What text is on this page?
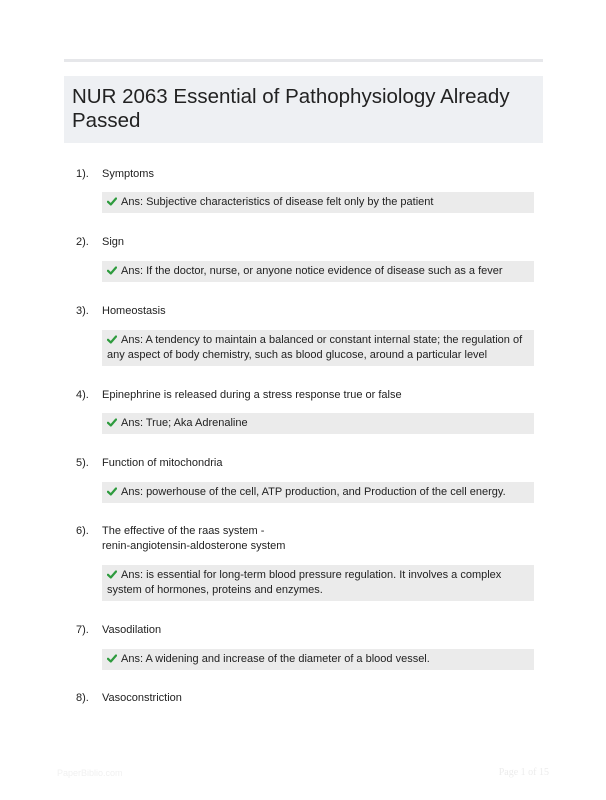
NUR 2063 Essential of Pathophysiology Already Passed
1). Symptoms
Ans: Subjective characteristics of disease felt only by the patient
2). Sign
Ans: If the doctor, nurse, or anyone notice evidence of disease such as a fever
3). Homeostasis
Ans: A tendency to maintain a balanced or constant internal state; the regulation of any aspect of body chemistry, such as blood glucose, around a particular level
4). Epinephrine is released during a stress response true or false
Ans: True; Aka Adrenaline
5). Function of mitochondria
Ans: powerhouse of the cell, ATP production, and Production of the cell energy.
6). The effective of the raas system -
renin-angiotensin-aldosterone system
Ans: is essential for long-term blood pressure regulation. It involves a complex system of hormones, proteins and enzymes.
7). Vasodilation
Ans: A widening and increase of the diameter of a blood vessel.
8). Vasoconstriction
PaperBiblio.com	Page 1 of 15
